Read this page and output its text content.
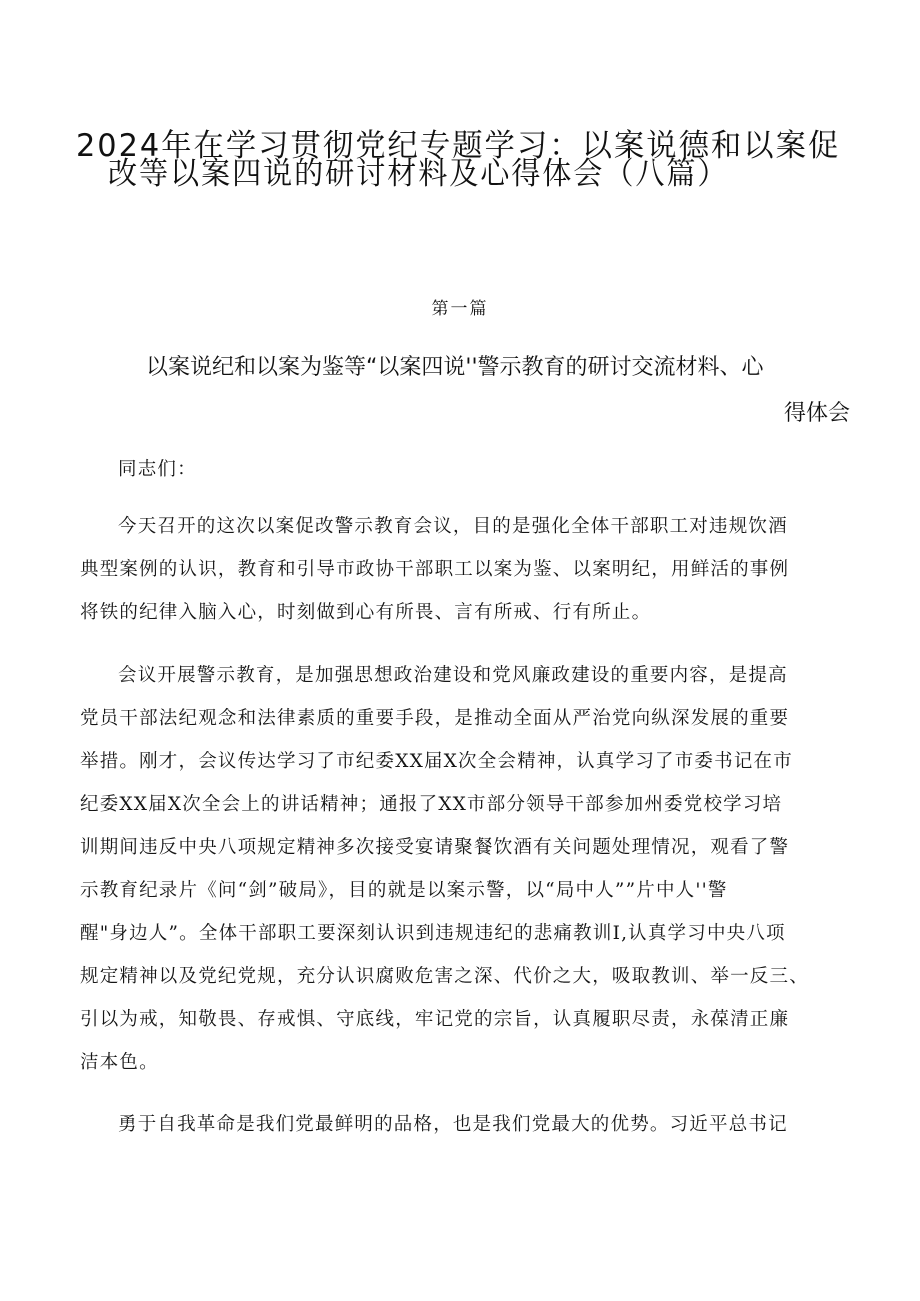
2024年在学习贯彻党纪专题学习：以案说德和以案促
改等以案四说的研讨材料及心得体会（八篇）
第一篇
以案说纪和以案为鉴等“以案四说''警示教育的研讨交流材料、心
得体会
同志们：
今天召开的这次以案促改警示教育会议，目的是强化全体干部职工对违规饮酒
典型案例的认识，教育和引导市政协干部职工以案为鉴、以案明纪，用鲜活的事例
将铁的纪律入脑入心，时刻做到心有所畏、言有所戒、行有所止。
会议开展警示教育，是加强思想政治建设和党风廉政建设的重要内容，是提高
党员干部法纪观念和法律素质的重要手段，是推动全面从严治党向纵深发展的重要
举措。刚才，会议传达学习了市纪委XX届X次全会精神，认真学习了市委书记在市
纪委XX届X次全会上的讲话精神；通报了XX市部分领导干部参加州委党校学习培
训期间违反中央八项规定精神多次接受宴请聚餐饮酒有关问题处理情况，观看了警
示教育纪录片《问“剑”破局》，目的就是以案示警，以“局中人””片中人''警
醒"身边人”。全体干部职工要深刻认识到违规违纪的悲痛教训I,认真学习中央八项
规定精神以及党纪党规，充分认识腐败危害之深、代价之大，吸取教训、举一反三、
引以为戒，知敬畏、存戒惧、守底线，牢记党的宗旨，认真履职尽责，永葆清正廉
洁本色。
勇于自我革命是我们党最鲜明的品格，也是我们党最大的优势。习近平总书记
